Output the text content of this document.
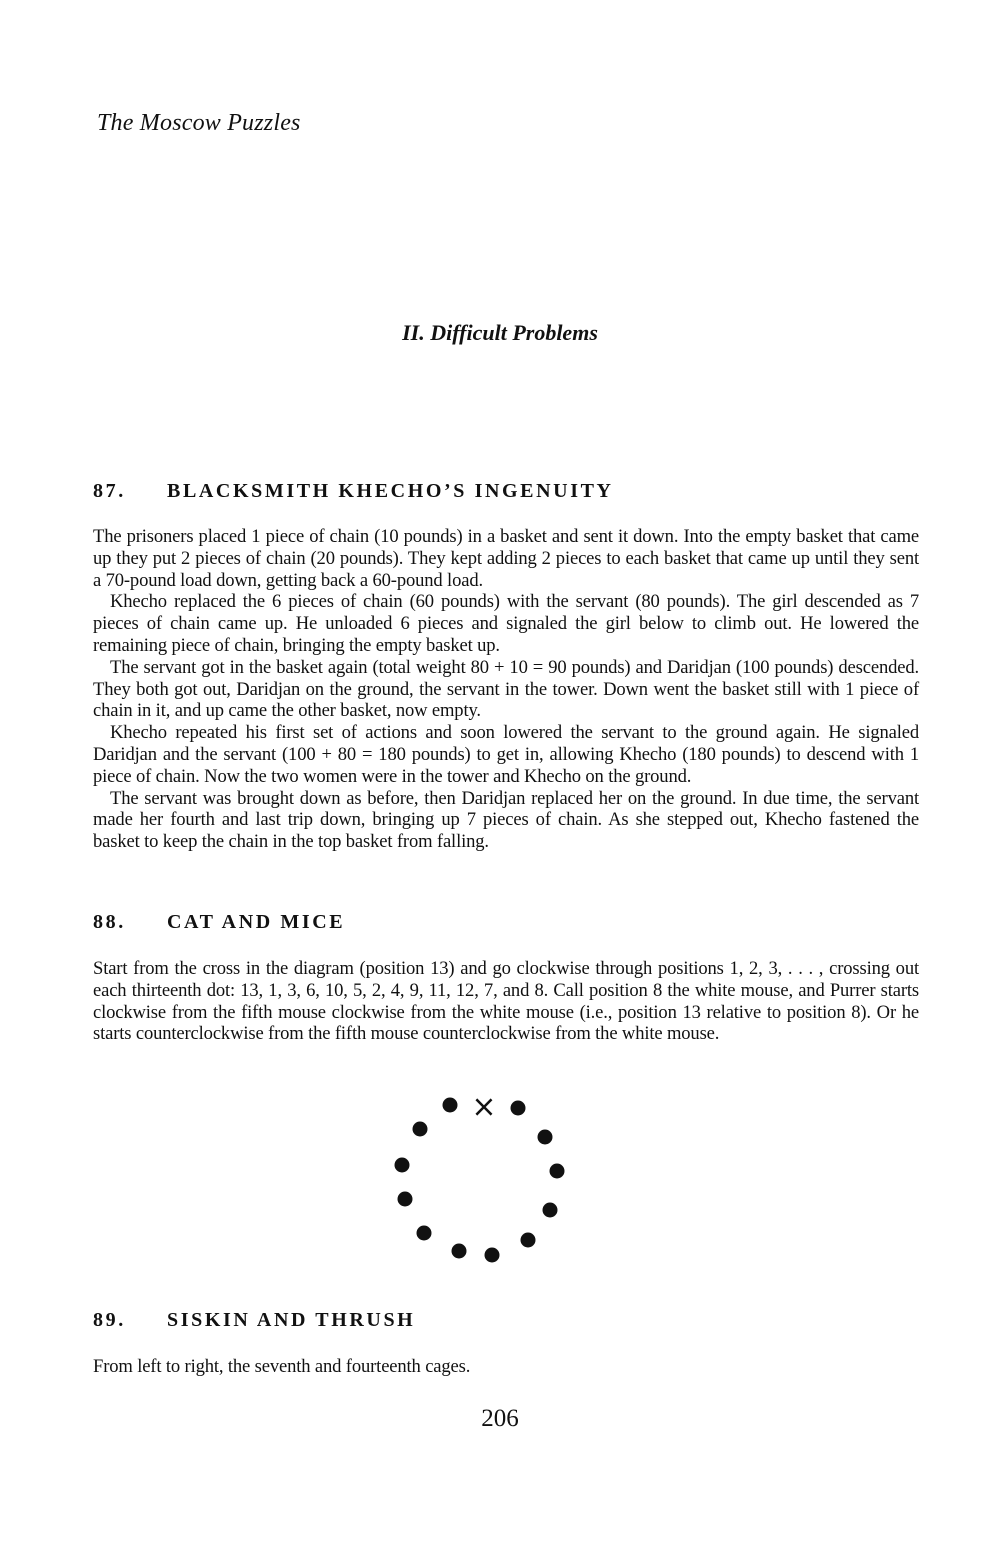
The Moscow Puzzles
II. Difficult Problems
87. BLACKSMITH KHECHO’S INGENUITY

The prisoners placed 1 piece of chain (10 pounds) in a basket and sent it down. Into the empty basket that came up they put 2 pieces of chain (20 pounds). They kept adding 2 pieces to each basket that came up until they sent a 70-pound load down, getting back a 60-pound load.

Khecho replaced the 6 pieces of chain (60 pounds) with the servant (80 pounds). The girl descended as 7 pieces of chain came up. He unloaded 6 pieces and signaled the girl below to climb out. He lowered the remaining piece of chain, bringing the empty basket up.

The servant got in the basket again (total weight 80 + 10 = 90 pounds) and Daridjan (100 pounds) descended. They both got out, Daridjan on the ground, the servant in the tower. Down went the basket still with 1 piece of chain in it, and up came the other basket, now empty.

Khecho repeated his first set of actions and soon lowered the servant to the ground again. He signaled Daridjan and the servant (100 + 80 = 180 pounds) to get in, allowing Khecho (180 pounds) to descend with 1 piece of chain. Now the two women were in the tower and Khecho on the ground.

The servant was brought down as before, then Daridjan replaced her on the ground. In due time, the servant made her fourth and last trip down, bringing up 7 pieces of chain. As she stepped out, Khecho fastened the basket to keep the chain in the top basket from falling.

88. CAT AND MICE

Start from the cross in the diagram (position 13) and go clockwise through positions 1, 2, 3, . . . , crossing out each thirteenth dot: 13, 1, 3, 6, 10, 5, 2, 4, 9, 11, 12, 7, and 8. Call position 8 the white mouse, and Purrer starts clockwise from the fifth mouse clockwise from the white mouse (i.e., position 13 relative to position 8). Or he starts counterclockwise from the fifth mouse counterclockwise from the white mouse.

×
89. SISKIN AND THRUSH

From left to right, the seventh and fourteenth cages.

206
